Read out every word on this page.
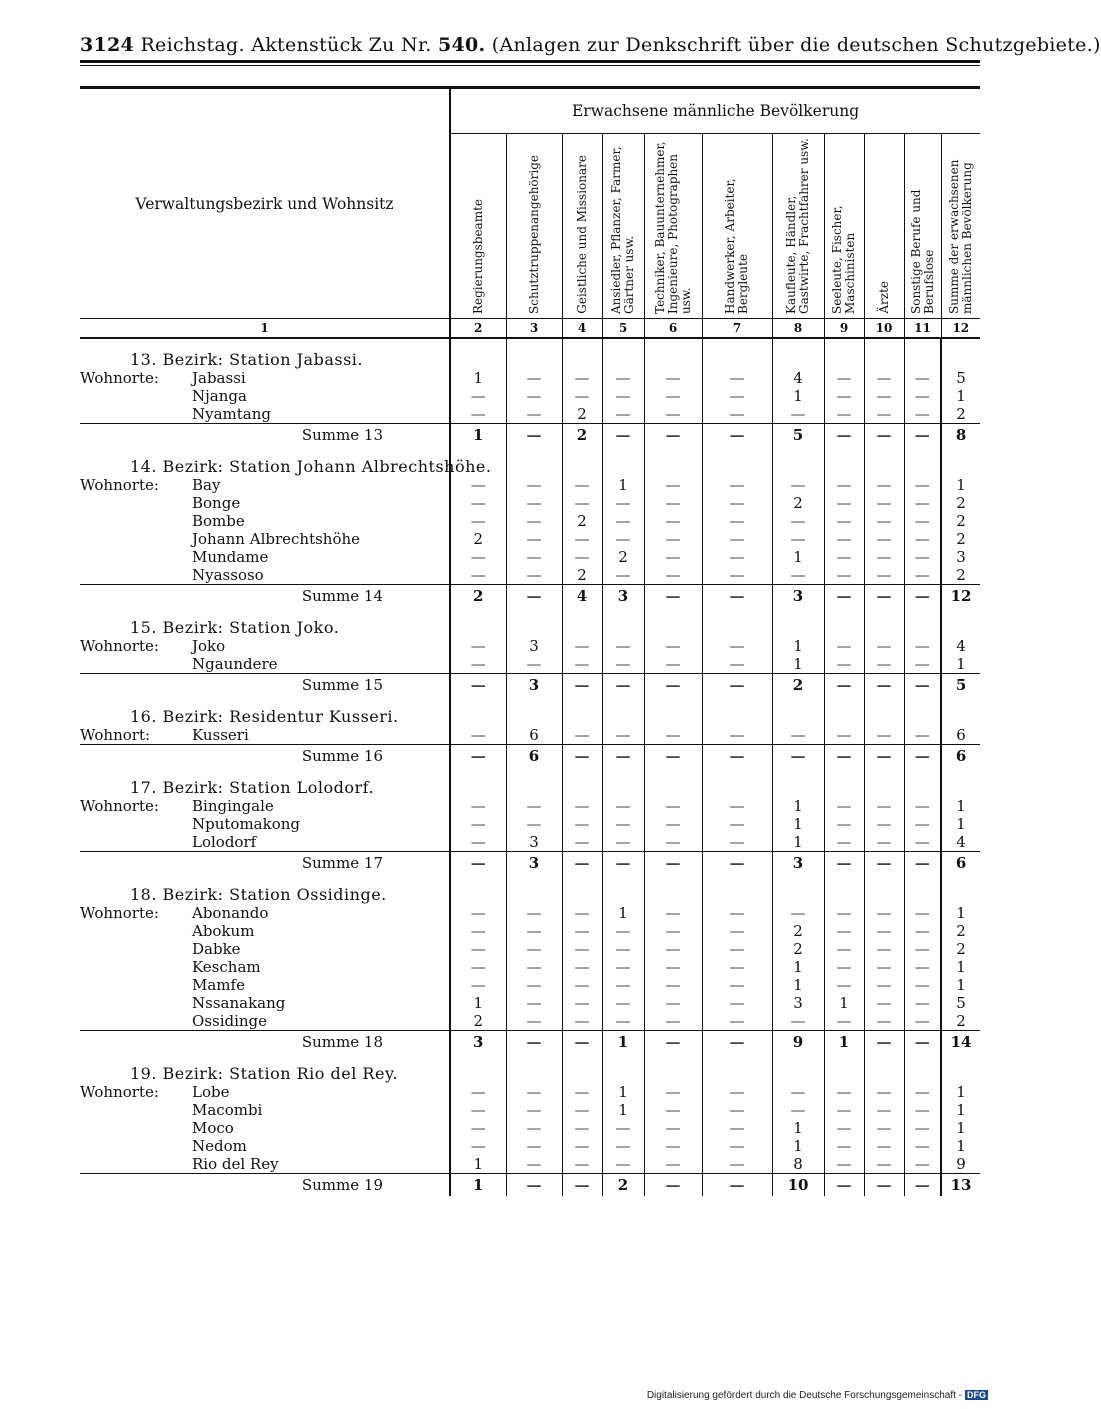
3124 Reichstag. Aktenstück Zu Nr. 540. (Anlagen zur Denkschrift über die deutschen Schutzgebiete.)
Verwaltungsbezirk und Wohnsitz	Erwachsene männliche Bevölkerung										
	Regierungsbeamte	Schutztruppenangehörige	Geistliche und Missionare	Ansiedler, Pflanzer, Farmer, Gärtner usw.	Techniker, Bauunternehmer, Ingenieure, Photographen usw.	Handwerker, Arbeiter, Bergleute	Kaufleute, Händler, Gastwirte, Frachtfahrer usw.	Seeleute, Fischer, Maschinisten	Ärzte	Sonstige Berufe und Berufslose	Summe der erwachsenen männlichen Bevölkerung
1	2	3	4	5	6	7	8	9	10	11	12
13. Bezirk: Station Jabassi.											
Wohnorte: Jabassi	1	—	—	—	—	—	4	—	—	—	5
Njanga	—	—	—	—	—	—	1	—	—	—	1
Nyamtang	—	—	2	—	—	—	—	—	—	—	2
Summe 13	1	—	2	—	—	—	5	—	—	—	8
14. Bezirk: Station Johann Albrechtshöhe.											
Wohnorte: Bay	—	—	—	1	—	—	—	—	—	—	1
Bonge	—	—	—	—	—	—	2	—	—	—	2
Bombe	—	—	2	—	—	—	—	—	—	—	2
Johann Albrechtshöhe	2	—	—	—	—	—	—	—	—	—	2
Mundame	—	—	—	2	—	—	1	—	—	—	3
Nyassoso	—	—	2	—	—	—	—	—	—	—	2
Summe 14	2	—	4	3	—	—	3	—	—	—	12
15. Bezirk: Station Joko.											
Wohnorte: Joko	—	3	—	—	—	—	1	—	—	—	4
Ngaundere	—	—	—	—	—	—	1	—	—	—	1
Summe 15	—	3	—	—	—	—	2	—	—	—	5
16. Bezirk: Residentur Kusseri.											
Wohnort: Kusseri	—	6	—	—	—	—	—	—	—	—	6
Summe 16	—	6	—	—	—	—	—	—	—	—	6
17. Bezirk: Station Lolodorf.											
Wohnorte: Bingingale	—	—	—	—	—	—	1	—	—	—	1
Nputomakong	—	—	—	—	—	—	1	—	—	—	1
Lolodorf	—	3	—	—	—	—	1	—	—	—	4
Summe 17	—	3	—	—	—	—	3	—	—	—	6
18. Bezirk: Station Ossidinge.											
Wohnorte: Abonando	—	—	—	1	—	—	—	—	—	—	1
Abokum	—	—	—	—	—	—	2	—	—	—	2
Dabke	—	—	—	—	—	—	2	—	—	—	2
Kescham	—	—	—	—	—	—	1	—	—	—	1
Mamfe	—	—	—	—	—	—	1	—	—	—	1
Nssanakang	1	—	—	—	—	—	3	1	—	—	5
Ossidinge	2	—	—	—	—	—	—	—	—	—	2
Summe 18	3	—	—	1	—	—	9	1	—	—	14
19. Bezirk: Station Rio del Rey.											
Wohnorte: Lobe	—	—	—	1	—	—	—	—	—	—	1
Macombi	—	—	—	1	—	—	—	—	—	—	1
Moco	—	—	—	—	—	—	1	—	—	—	1
Nedom	—	—	—	—	—	—	1	—	—	—	1
Rio del Rey	1	—	—	—	—	—	8	—	—	—	9
Summe 19	1	—	—	2	—	—	10	—	—	—	13
Digitalisierung gefördert durch die Deutsche Forschungsgemeinschaft - DFG
